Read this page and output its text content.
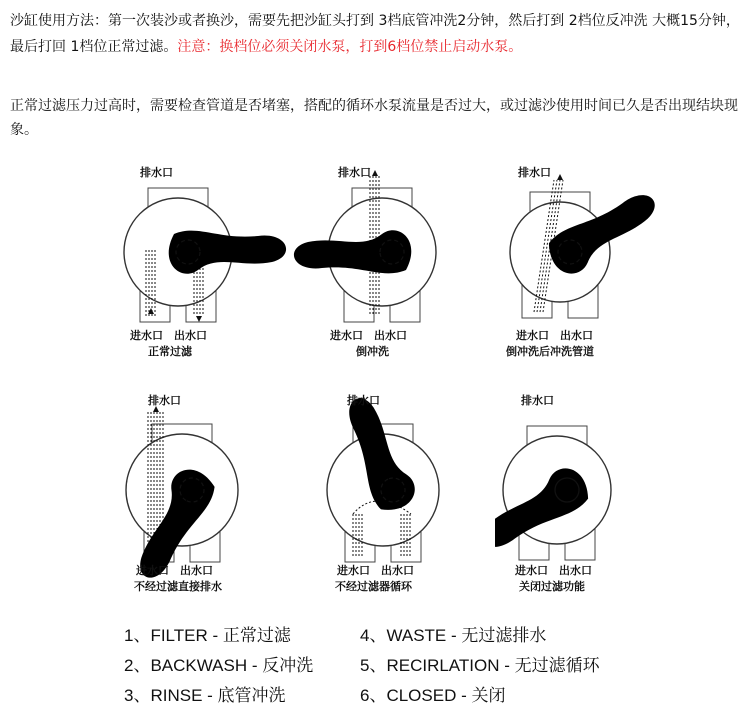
沙缸使用方法：第一次装沙或者换沙，需要先把沙缸头打到 3档底管冲洗2分钟，然后打到 2档位反冲洗 大概15分钟，最后打回 1档位正常过滤。注意：换档位必须关闭水泵，打到6档位禁止启动水泵。
正常过滤压力过高时，需要检查管道是否堵塞，搭配的循环水泵流量是否过大，或过滤沙使用时间已久是否出现结块现象。
排水口
进水口 出水口
正常过滤
排水口
进水口 出水口
倒冲洗
排水口
进水口 出水口
倒冲洗后冲洗管道
排水口
进水口 出水口
不经过滤直接排水
排水口
进水口 出水口
不经过滤器循环
排水口
进水口 出水口
关闭过滤功能
1、FILTER - 正常过滤
2、BACKWASH - 反冲洗
3、RINSE - 底管冲洗
4、WASTE - 无过滤排水
5、RECIRLATION - 无过滤循环
6、CLOSED - 关闭
